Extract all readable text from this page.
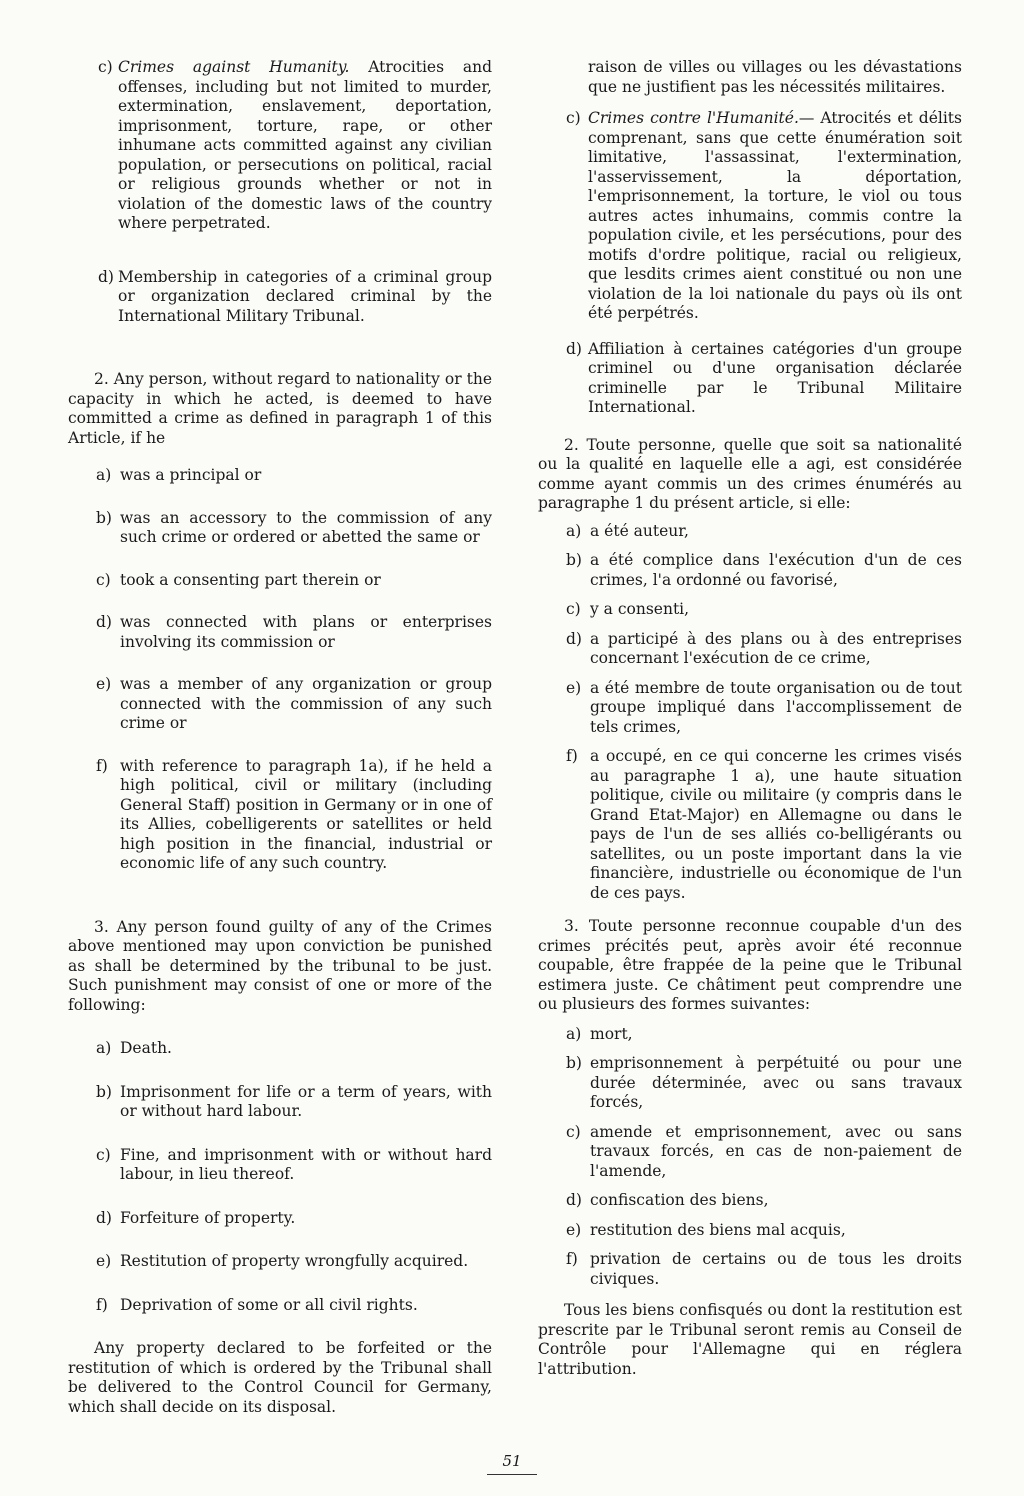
c) Crimes against Humanity. Atrocities and offenses, including but not limited to murder, extermination, enslavement, deportation, imprisonment, torture, rape, or other inhumane acts committed against any civilian population, or persecutions on political, racial or religious grounds whether or not in violation of the domestic laws of the country where perpetrated.
d) Membership in categories of a criminal group or organization declared criminal by the International Military Tribunal.
2. Any person, without regard to nationality or the capacity in which he acted, is deemed to have committed a crime as defined in paragraph 1 of this Article, if he
a) was a principal or
b) was an accessory to the commission of any such crime or ordered or abetted the same or
c) took a consenting part therein or
d) was connected with plans or enterprises involving its commission or
e) was a member of any organization or group connected with the commission of any such crime or
f) with reference to paragraph 1a), if he held a high political, civil or military (including General Staff) position in Germany or in one of its Allies, cobelligerents or satellites or held high position in the financial, industrial or economic life of any such country.
3. Any person found guilty of any of the Crimes above mentioned may upon conviction be punished as shall be determined by the tribunal to be just. Such punishment may consist of one or more of the following:
a) Death.
b) Imprisonment for life or a term of years, with or without hard labour.
c) Fine, and imprisonment with or without hard labour, in lieu thereof.
d) Forfeiture of property.
e) Restitution of property wrongfully acquired.
f) Deprivation of some or all civil rights.
Any property declared to be forfeited or the restitution of which is ordered by the Tribunal shall be delivered to the Control Council for Germany, which shall decide on its disposal.
raison de villes ou villages ou les dévastations que ne justifient pas les nécessités militaires.
c) Crimes contre l'Humanité.— Atrocités et délits comprenant, sans que cette énumération soit limitative, l'assassinat, l'extermination, l'asservissement, la déportation, l'emprisonnement, la torture, le viol ou tous autres actes inhumains, commis contre la population civile, et les persécutions, pour des motifs d'ordre politique, racial ou religieux, que lesdits crimes aient constitué ou non une violation de la loi nationale du pays où ils ont été perpétrés.
d) Affiliation à certaines catégories d'un groupe criminel ou d'une organisation déclarée criminelle par le Tribunal Militaire International.
2. Toute personne, quelle que soit sa nationalité ou la qualité en laquelle elle a agi, est considérée comme ayant commis un des crimes énumérés au paragraphe 1 du présent article, si elle:
a) a été auteur,
b) a été complice dans l'exécution d'un de ces crimes, l'a ordonné ou favorisé,
c) y a consenti,
d) a participé à des plans ou à des entreprises concernant l'exécution de ce crime,
e) a été membre de toute organisation ou de tout groupe impliqué dans l'accomplissement de tels crimes,
f) a occupé, en ce qui concerne les crimes visés au paragraphe 1 a), une haute situation politique, civile ou militaire (y compris dans le Grand Etat-Major) en Allemagne ou dans le pays de l'un de ses alliés co-belligérants ou satellites, ou un poste important dans la vie financière, industrielle ou économique de l'un de ces pays.
3. Toute personne reconnue coupable d'un des crimes précités peut, après avoir été reconnue coupable, être frappée de la peine que le Tribunal estimera juste. Ce châtiment peut comprendre une ou plusieurs des formes suivantes:
a) mort,
b) emprisonnement à perpétuité ou pour une durée déterminée, avec ou sans travaux forcés,
c) amende et emprisonnement, avec ou sans travaux forcés, en cas de non-paiement de l'amende,
d) confiscation des biens,
e) restitution des biens mal acquis,
f) privation de certains ou de tous les droits civiques.
Tous les biens confisqués ou dont la restitution est prescrite par le Tribunal seront remis au Conseil de Contrôle pour l'Allemagne qui en réglera l'attribution.
51
